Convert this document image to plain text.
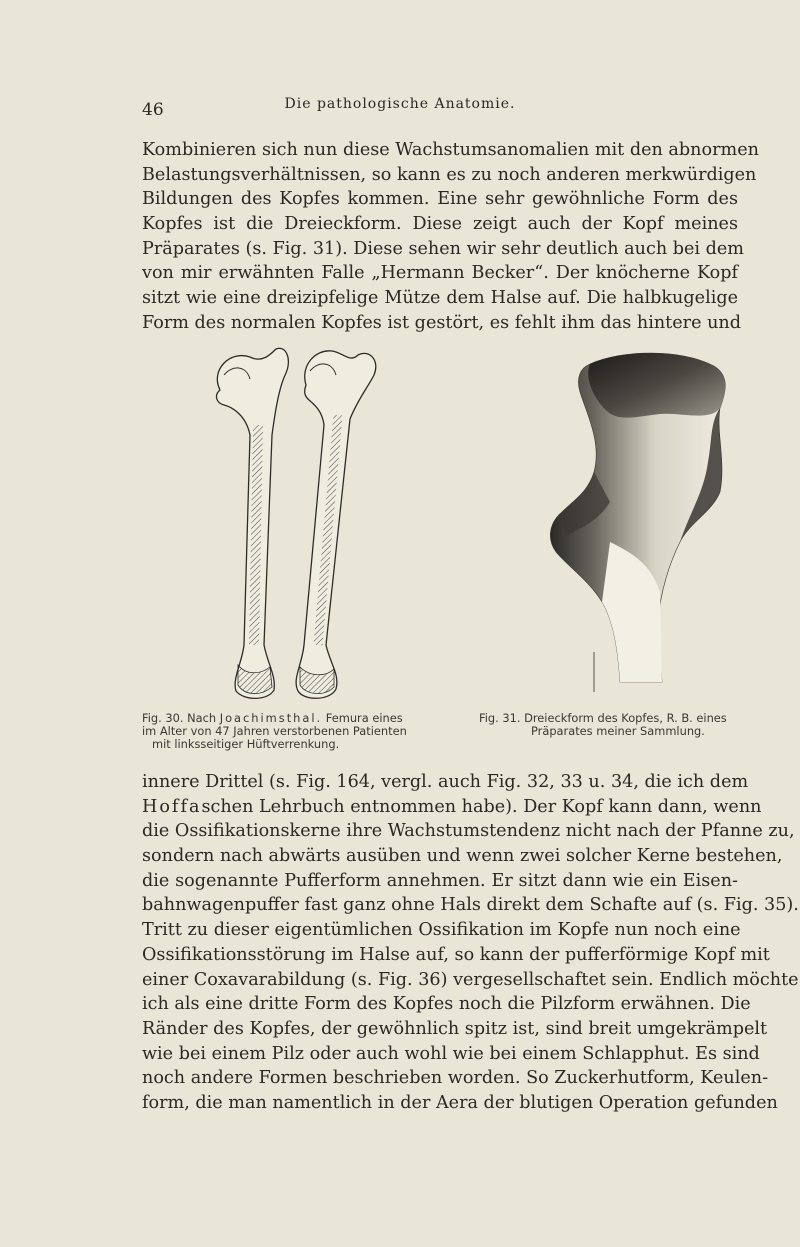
46	Die pathologische Anatomie.
Kombinieren sich nun diese Wachstumsanomalien mit den abnormen
Belastungsverhältnissen, so kann es zu noch anderen merkwürdigen
Bildungen des Kopfes kommen. Eine sehr gewöhnliche Form des
Kopfes ist die Dreieckform. Diese zeigt auch der Kopf meines
Präparates (s. Fig. 31). Diese sehen wir sehr deutlich auch bei dem
von mir erwähnten Falle „Hermann Becker“. Der knöcherne Kopf
sitzt wie eine dreizipfelige Mütze dem Halse auf. Die halbkugelige
Form des normalen Kopfes ist gestört, es fehlt ihm das hintere und
Fig. 30. Nach Joachimsthal. Femura eines
im Alter von 47 Jahren verstorbenen Patienten
mit linksseitiger Hüftverrenkung.
Fig. 31. Dreieckform des Kopfes, R. B. eines
Präparates meiner Sammlung.
innere Drittel (s. Fig. 164, vergl. auch Fig. 32, 33 u. 34, die ich dem
Hoffaschen Lehrbuch entnommen habe). Der Kopf kann dann, wenn
die Ossifikationskerne ihre Wachstumstendenz nicht nach der Pfanne zu,
sondern nach abwärts ausüben und wenn zwei solcher Kerne bestehen,
die sogenannte Pufferform annehmen. Er sitzt dann wie ein Eisen-
bahnwagenpuffer fast ganz ohne Hals direkt dem Schafte auf (s. Fig. 35).
Tritt zu dieser eigentümlichen Ossifikation im Kopfe nun noch eine
Ossifikationsstörung im Halse auf, so kann der pufferförmige Kopf mit
einer Coxavarabildung (s. Fig. 36) vergesellschaftet sein. Endlich möchte
ich als eine dritte Form des Kopfes noch die Pilzform erwähnen. Die
Ränder des Kopfes, der gewöhnlich spitz ist, sind breit umgekrämpelt
wie bei einem Pilz oder auch wohl wie bei einem Schlapphut. Es sind
noch andere Formen beschrieben worden. So Zuckerhutform, Keulen-
form, die man namentlich in der Aera der blutigen Operation gefunden
